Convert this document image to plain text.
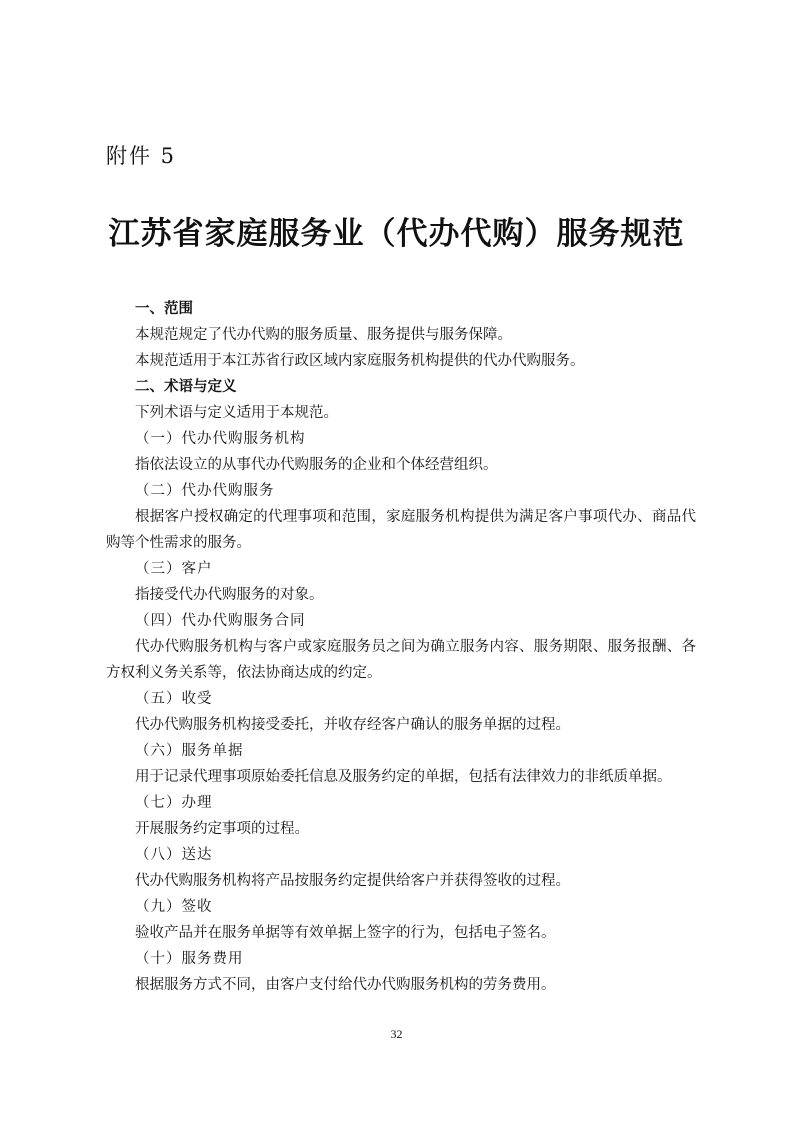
附件 5
江苏省家庭服务业（代办代购）服务规范

一、范围

本规范规定了代办代购的服务质量、服务提供与服务保障。

本规范适用于本江苏省行政区域内家庭服务机构提供的代办代购服务。

二、术语与定义

下列术语与定义适用于本规范。

（一）代办代购服务机构

指依法设立的从事代办代购服务的企业和个体经营组织。

（二）代办代购服务

根据客户授权确定的代理事项和范围，家庭服务机构提供为满足客户事项代办、商品代购等个性需求的服务。

（三）客户

指接受代办代购服务的对象。

（四）代办代购服务合同

代办代购服务机构与客户或家庭服务员之间为确立服务内容、服务期限、服务报酬、各方权利义务关系等，依法协商达成的约定。

（五）收受

代办代购服务机构接受委托，并收存经客户确认的服务单据的过程。

（六）服务单据

用于记录代理事项原始委托信息及服务约定的单据，包括有法律效力的非纸质单据。

（七）办理

开展服务约定事项的过程。

（八）送达

代办代购服务机构将产品按服务约定提供给客户并获得签收的过程。

（九）签收

验收产品并在服务单据等有效单据上签字的行为，包括电子签名。

（十）服务费用

根据服务方式不同，由客户支付给代办代购服务机构的劳务费用。

32
